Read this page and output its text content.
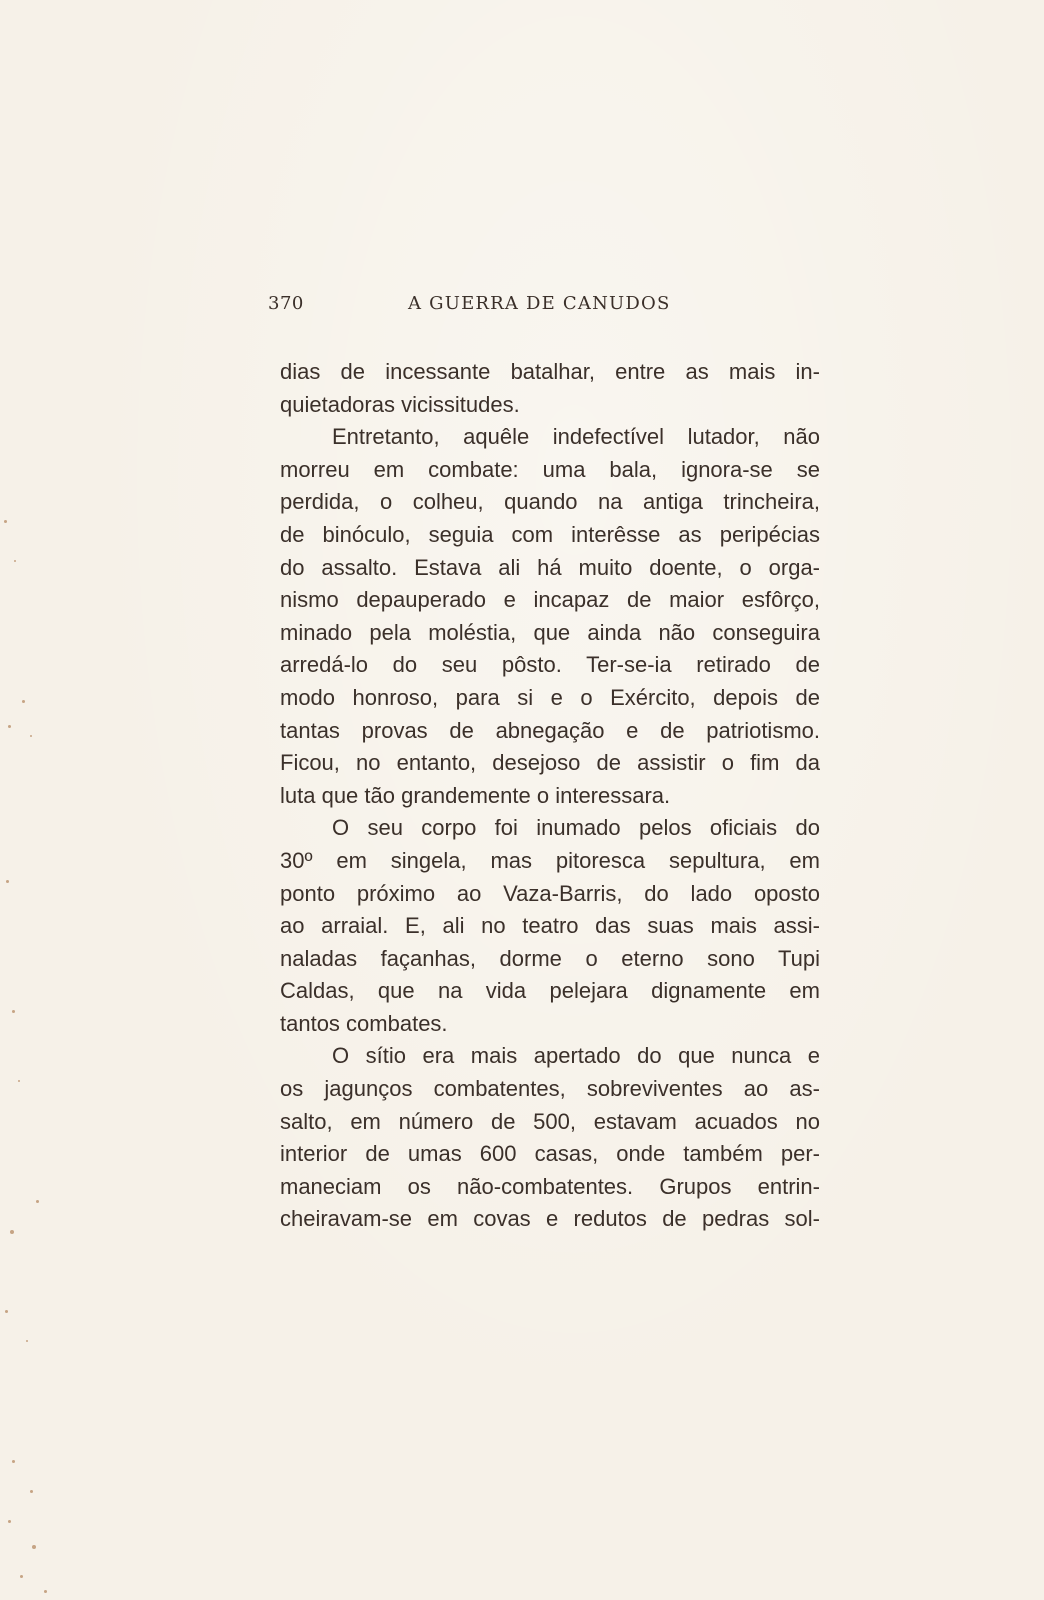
370	A GUERRA DE CANUDOS
dias de incessante batalhar, entre as mais in-
quietadoras vicissitudes.
Entretanto, aquêle indefectível lutador, não
morreu em combate: uma bala, ignora-se se
perdida, o colheu, quando na antiga trincheira,
de binóculo, seguia com interêsse as peripécias
do assalto. Estava ali há muito doente, o orga-
nismo depauperado e incapaz de maior esfôrço,
minado pela moléstia, que ainda não conseguira
arredá-lo do seu pôsto. Ter-se-ia retirado de
modo honroso, para si e o Exército, depois de
tantas provas de abnegação e de patriotismo.
Ficou, no entanto, desejoso de assistir o fim da
luta que tão grandemente o interessara.
O seu corpo foi inumado pelos oficiais do
30º em singela, mas pitoresca sepultura, em
ponto próximo ao Vaza-Barris, do lado oposto
ao arraial. E, ali no teatro das suas mais assi-
naladas façanhas, dorme o eterno sono Tupi
Caldas, que na vida pelejara dignamente em
tantos combates.
O sítio era mais apertado do que nunca e
os jagunços combatentes, sobreviventes ao as-
salto, em número de 500, estavam acuados no
interior de umas 600 casas, onde também per-
maneciam os não-combatentes. Grupos entrin-
cheiravam-se em covas e redutos de pedras sol-
